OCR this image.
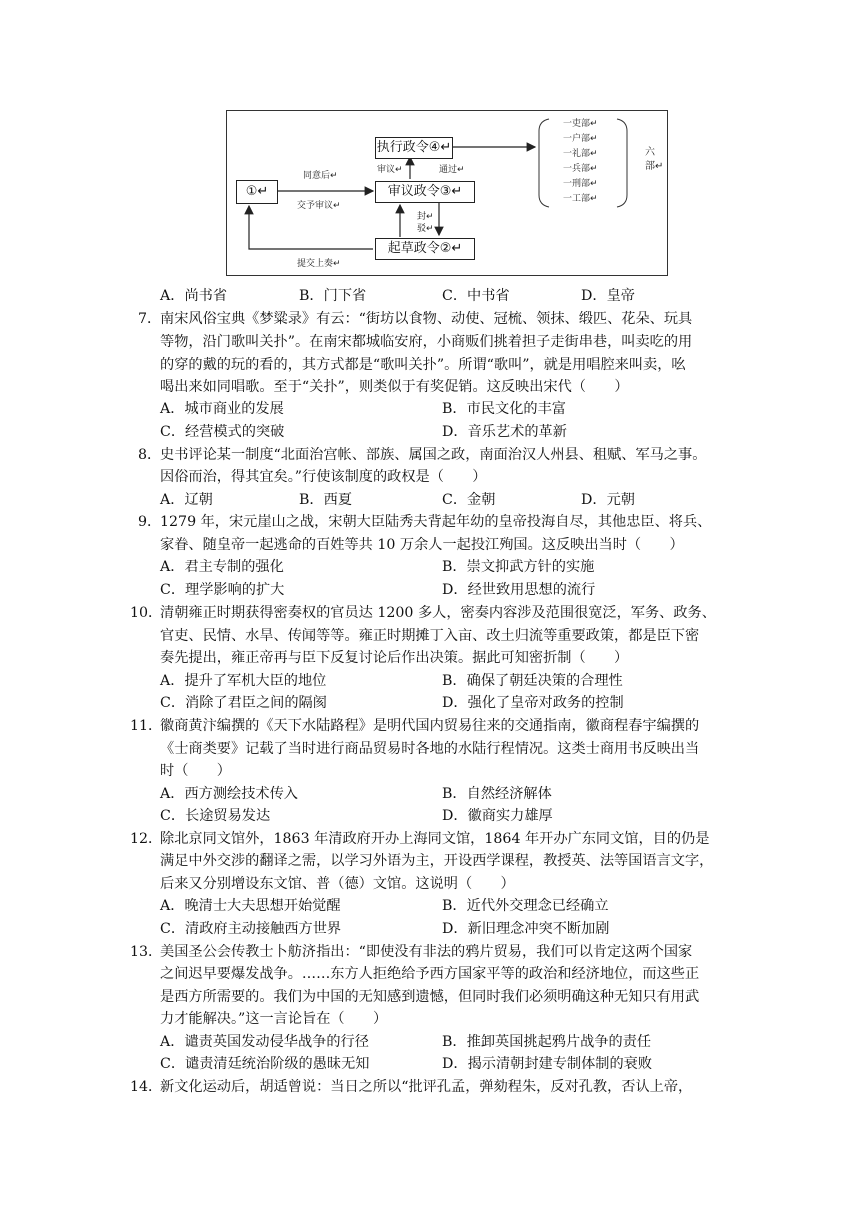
①↵
执行政令④↵
审议政令③↵
起草政令②↵
同意后↵
交予审议↵
审议↵	通过↵
封↵
驳↵
提交上奏↵
一吏部↵
一户部↵
一礼部↵
一兵部↵
一刑部↵
一工部↵
六
部↵
A．尚书省	B．门下省	C．中书省	D．皇帝
7．
南宋风俗宝典《梦粱录》有云：“街坊以食物、动使、冠梳、领抹、缎匹、花朵、玩具
等物，沿门歌叫关扑”。在南宋都城临安府，小商贩们挑着担子走街串巷，叫卖吃的用
的穿的戴的玩的看的，其方式都是“歌叫关扑”。所谓“歌叫”，就是用唱腔来叫卖，吆
喝出来如同唱歌。至于“关扑”，则类似于有奖促销。这反映出宋代（　　）
A．城市商业的发展	B．市民文化的丰富
C．经营模式的突破	D．音乐艺术的革新
8．
史书评论某一制度“北面治宫帐、部族、属国之政，南面治汉人州县、租赋、军马之事。
因俗而治，得其宜矣。”行使该制度的政权是（　　）
A．辽朝	B．西夏	C．金朝	D．元朝
9．
1279 年，宋元崖山之战，宋朝大臣陆秀夫背起年幼的皇帝投海自尽，其他忠臣、将兵、
家眷、随皇帝一起逃命的百姓等共 10 万余人一起投江殉国。这反映出当时（　　）
A．君主专制的强化	B．崇文抑武方针的实施
C．理学影响的扩大	D．经世致用思想的流行
10．
清朝雍正时期获得密奏权的官员达 1200 多人，密奏内容涉及范围很宽泛，军务、政务、
官吏、民情、水旱、传闻等等。雍正时期摊丁入亩、改土归流等重要政策，都是臣下密
奏先提出，雍正帝再与臣下反复讨论后作出决策。据此可知密折制（　　）
A．提升了军机大臣的地位	B．确保了朝廷决策的合理性
C．消除了君臣之间的隔阂	D．强化了皇帝对政务的控制
11．
徽商黄汴编撰的《天下水陆路程》是明代国内贸易往来的交通指南，徽商程春宇编撰的
《士商类要》记载了当时进行商品贸易时各地的水陆行程情况。这类士商用书反映出当
时（　　）
A．西方测绘技术传入	B．自然经济解体
C．长途贸易发达	D．徽商实力雄厚
12．
除北京同文馆外，1863 年清政府开办上海同文馆，1864 年开办广东同文馆，目的仍是
满足中外交涉的翻译之需，以学习外语为主，开设西学课程，教授英、法等国语言文字，
后来又分别增设东文馆、普（德）文馆。这说明（　　）
A．晚清士大夫思想开始觉醒	B．近代外交理念已经确立
C．清政府主动接触西方世界	D．新旧理念冲突不断加剧
13．
美国圣公会传教士卜舫济指出：“即使没有非法的鸦片贸易，我们可以肯定这两个国家
之间迟早要爆发战争。……东方人拒绝给予西方国家平等的政治和经济地位，而这些正
是西方所需要的。我们为中国的无知感到遗憾，但同时我们必须明确这种无知只有用武
力才能解决。”这一言论旨在（　　）
A．谴责英国发动侵华战争的行径	B．推卸英国挑起鸦片战争的责任
C．谴责清廷统治阶级的愚昧无知	D．揭示清朝封建专制体制的衰败
14．
新文化运动后，胡适曾说：当日之所以“批评孔孟，弹劾程朱，反对孔教，否认上帝，
